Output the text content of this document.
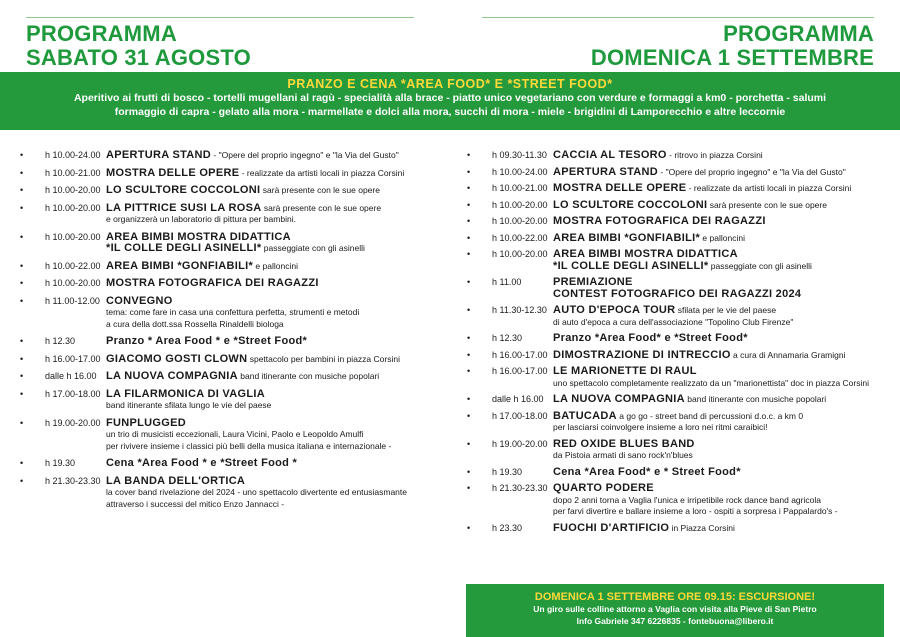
PROGRAMMA
SABATO 31 AGOSTO
PROGRAMMA
DOMENICA 1 SETTEMBRE
PRANZO E CENA *AREA FOOD* E *STREET FOOD*
Aperitivo ai frutti di bosco - tortelli mugellani al ragù - specialità alla brace - piatto unico vegetariano con verdure e formaggi a km0 - porchetta - salumi
formaggio di capra - gelato alla mora - marmellate e dolci alla mora, succhi di mora - miele - brigidini di Lamporecchio e altre leccornie
• h 10.00-24.00 APERTURA STAND - "Opere del proprio ingegno" e "la Via del Gusto"
• h 10.00-21.00 MOSTRA DELLE OPERE - realizzate da artisti locali in piazza Corsini
• h 10.00-20.00 LO SCULTORE COCCOLONI sarà presente con le sue opere
• h 10.00-20.00 LA PITTRICE SUSI LA ROSA sarà presente con le sue opere
e organizzerà un laboratorio di pittura per bambini.
• h 10.00-20.00 AREA BIMBI MOSTRA DIDATTICA
*IL COLLE DEGLI ASINELLI* passeggiate con gli asinelli
• h 10.00-22.00 AREA BIMBI *GONFIABILI* e palloncini
• h 10.00-20.00 MOSTRA FOTOGRAFICA DEI RAGAZZI
• h 11.00-12.00 CONVEGNO
tema: come fare in casa una confettura perfetta, strumenti e metodi
a cura della dott.ssa Rossella Rinaldelli biologa
• h 12.30	Pranzo * Area Food * e *Street Food*
• h 16.00-17.00 GIACOMO GOSTI CLOWN spettacolo per bambini in piazza Corsini
• dalle h 16.00 LA NUOVA COMPAGNIA band itinerante con musiche popolari
• h 17.00-18.00 LA FILARMONICA DI VAGLIA
band itinerante sfilata lungo le vie del paese
• h 19.00-20.00 FUNPLUGGED
un trio di musicisti eccezionali, Laura Vicini, Paolo e Leopoldo Amulfi
per rivivere insieme i classici più belli della musica italiana e internazionale -
• h 19.30	Cena *Area Food * e *Street Food *
• h 21.30-23.30 LA BANDA DELL'ORTICA
la cover band rivelazione del 2024 - uno spettacolo divertente ed entusiasmante
attraverso i successi del mitico Enzo Jannacci -
• h 09.30-11.30 CACCIA AL TESORO - ritrovo in piazza Corsini
• h 10.00-24.00 APERTURA STAND - "Opere del proprio ingegno" e "la Via del Gusto"
• h 10.00-21.00 MOSTRA DELLE OPERE - realizzate da artisti locali in piazza Corsini
• h 10.00-20.00 LO SCULTORE COCCOLONI sarà presente con le sue opere
• h 10.00-20.00 MOSTRA FOTOGRAFICA DEI RAGAZZI
• h 10.00-22.00 AREA BIMBI *GONFIABILI* e palloncini
• h 10.00-20.00 AREA BIMBI MOSTRA DIDATTICA
*IL COLLE DEGLI ASINELLI* passeggiate con gli asinelli
• h 11.00	PREMIAZIONE
CONTEST FOTOGRAFICO DEI RAGAZZI 2024
• h 11.30-12.30 AUTO D'EPOCA TOUR sfilata per le vie del paese
di auto d'epoca a cura dell'associazione "Topolino Club Firenze"
• h 12.30	Pranzo *Area Food* e *Street Food*
• h 16.00-17.00 DIMOSTRAZIONE DI INTRECCIO a cura di Annamaria Gramigni
• h 16.00-17.00 LE MARIONETTE DI RAUL
uno spettacolo completamente realizzato da un "marionettista" doc in piazza Corsini
• dalle h 16.00 LA NUOVA COMPAGNIA band itinerante con musiche popolari
• h 17.00-18.00 BATUCADA a go go - street band di percussioni d.o.c. a km 0
per lasciarsi coinvolgere insieme a loro nei ritmi caraibici!
• h 19.00-20.00 RED OXIDE BLUES BAND
da Pistoia armati di sano rock'n'blues
• h 19.30	Cena *Area Food* e * Street Food*
• h 21.30-23.30 QUARTO PODERE
dopo 2 anni torna a Vaglia l'unica e irripetibile rock dance band agricola
per farvi divertire e ballare insieme a loro - ospiti a sorpresa i Pappalardo's -
• h 23.30	FUOCHI D'ARTIFICIO in Piazza Corsini
DOMENICA 1 SETTEMBRE ORE 09.15: ESCURSIONE!
Un giro sulle colline attorno a Vaglia con visita alla Pieve di San Pietro
Info Gabriele 347 6226835 - fontebuona@libero.it
